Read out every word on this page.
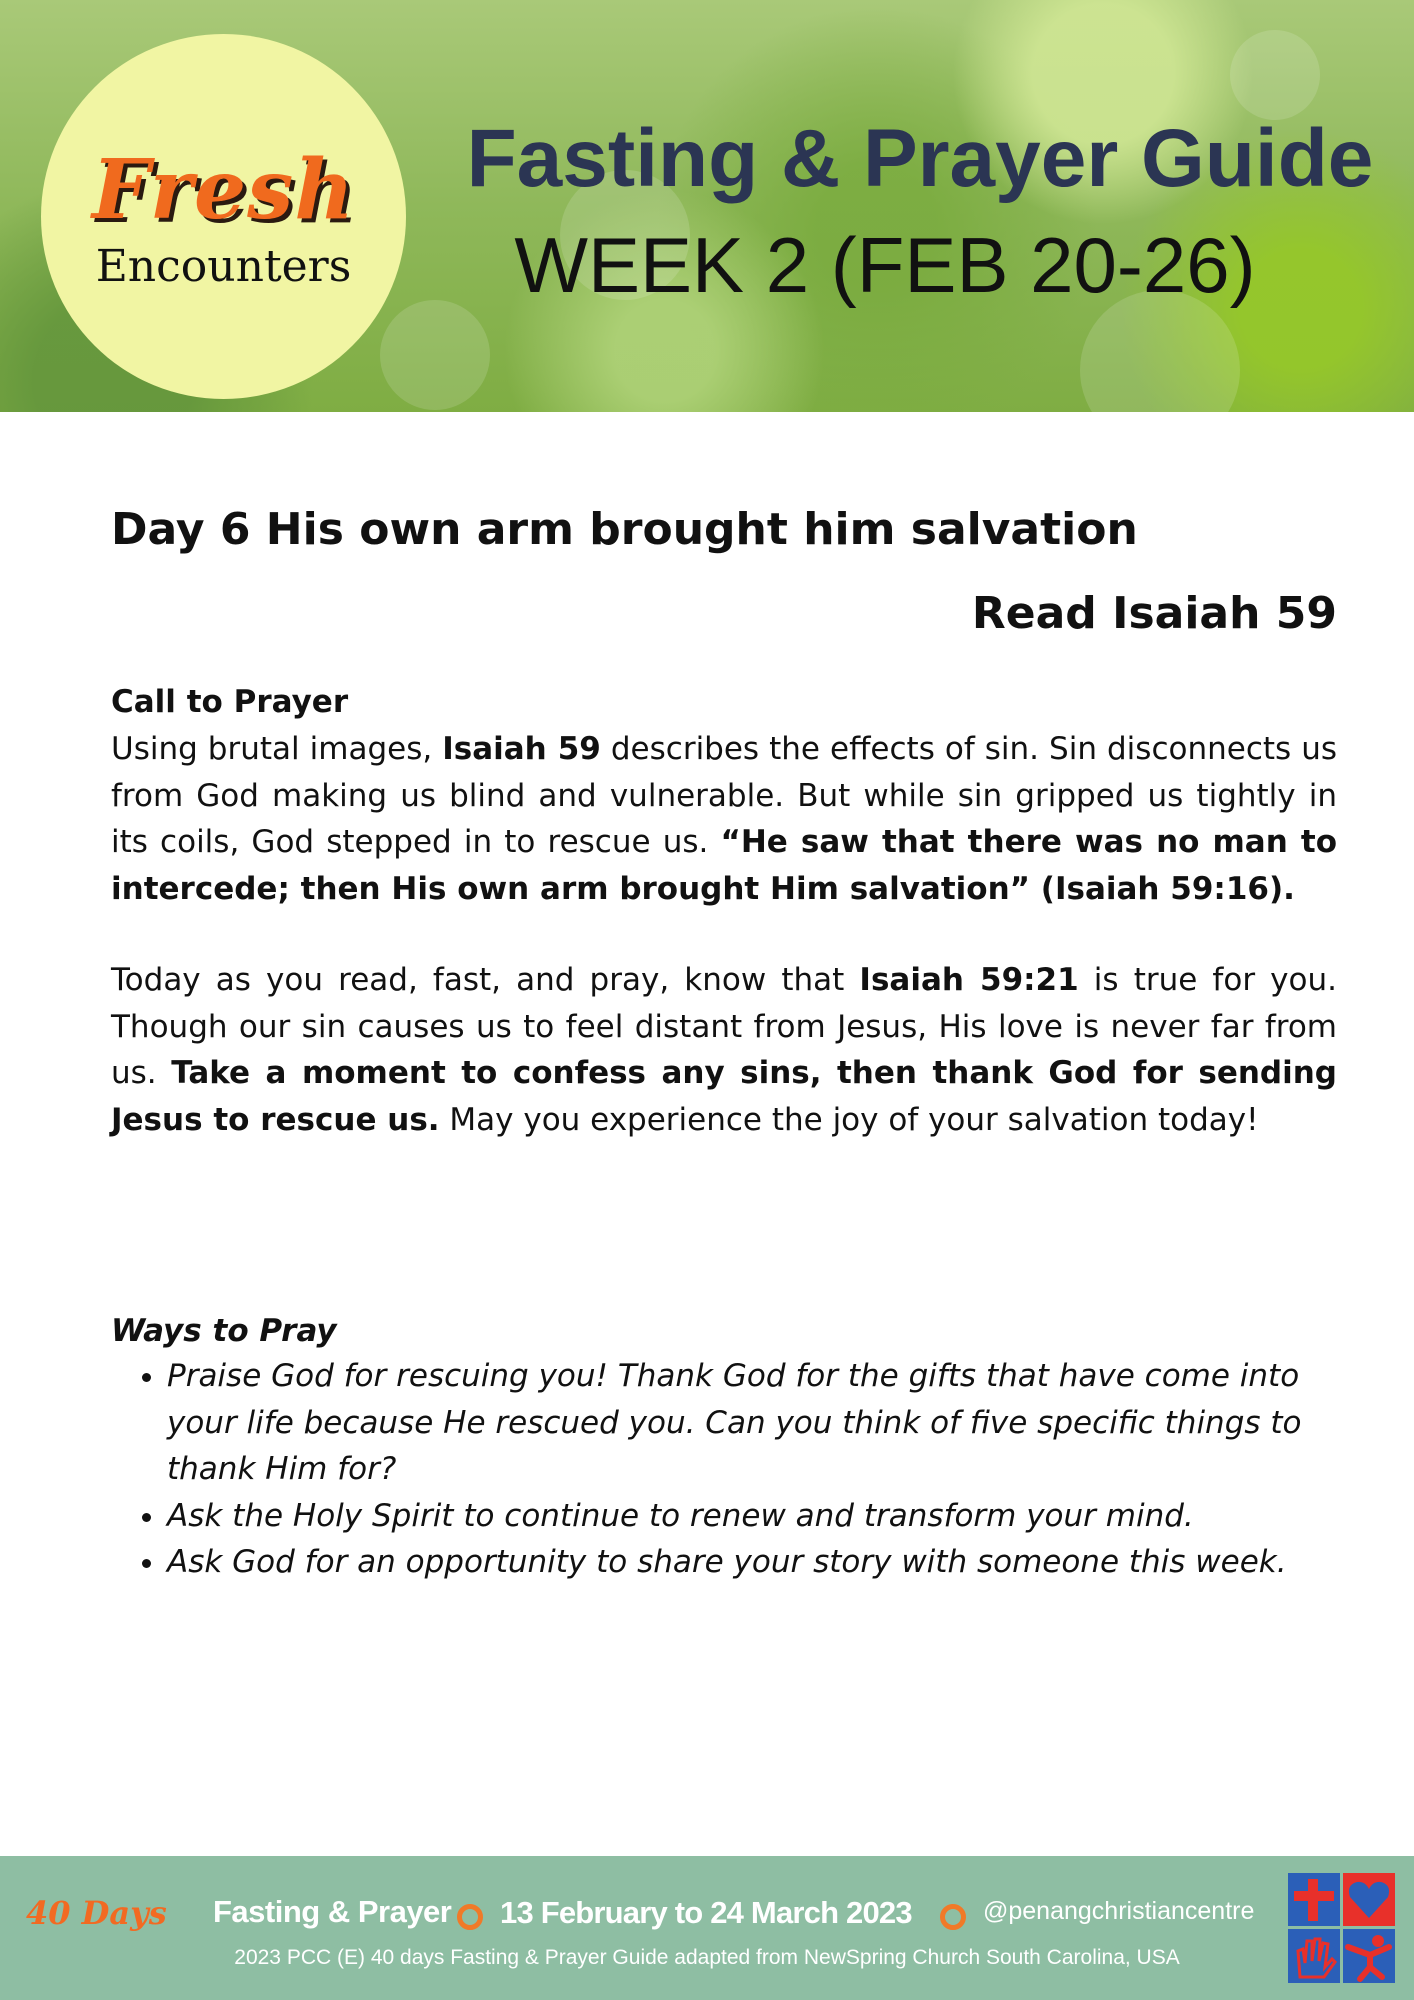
Fresh
Encounters
Fasting & Prayer Guide
WEEK 2 (FEB 20-26)
Day 6 His own arm brought him salvation
Read Isaiah 59
Call to Prayer

Using brutal images, Isaiah 59 describes the effects of sin. Sin disconnects us from God making us blind and vulnerable. But while sin gripped us tightly in its coils, God stepped in to rescue us. “He saw that there was no man to intercede; then His own arm brought Him salvation” (Isaiah 59:16).

Today as you read, fast, and pray, know that Isaiah 59:21 is true for you. Though our sin causes us to feel distant from Jesus, His love is never far from us. Take a moment to confess any sins, then thank God for sending Jesus to rescue us. May you experience the joy of your salvation today!

Ways to Pray
• Praise God for rescuing you! Thank God for the gifts that have come into your life because He rescued you. Can you think of five specific things to thank Him for?
• Ask the Holy Spirit to continue to renew and transform your mind.
• Ask God for an opportunity to share your story with someone this week.
40 Days Fasting & Prayer 13 February to 24 March 2023	@penangchristiancentre
2023 PCC (E) 40 days Fasting & Prayer Guide adapted from NewSpring Church South Carolina, USA
